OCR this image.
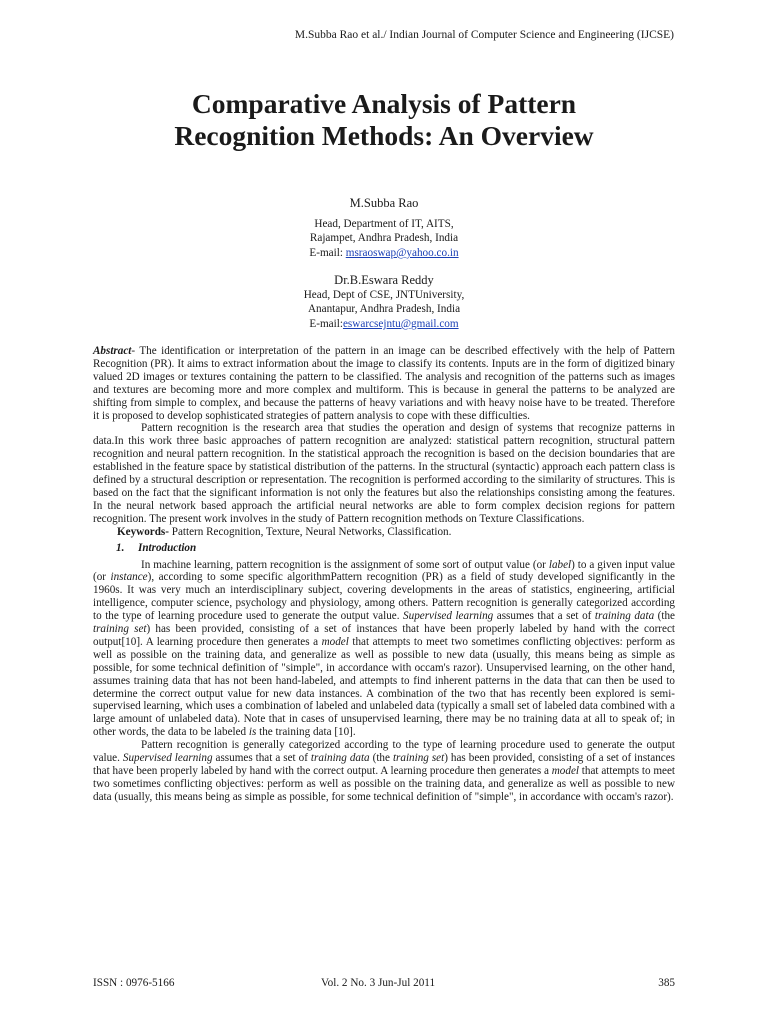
M.Subba Rao et al./ Indian Journal of Computer Science and Engineering (IJCSE)
Comparative Analysis of Pattern
Recognition Methods: An Overview
M.Subba Rao
Head, Department of IT, AITS,
Rajampet, Andhra Pradesh, India
E-mail: msraoswap@yahoo.co.in
Dr.B.Eswara Reddy
Head, Dept of CSE, JNTUniversity,
Anantapur, Andhra Pradesh, India
E-mail:eswarcsejntu@gmail.com

Abstract- The identification or interpretation of the pattern in an image can be described effectively with the help of Pattern Recognition (PR). It aims to extract information about the image to classify its contents. Inputs are in the form of digitized binary valued 2D images or textures containing the pattern to be classified. The analysis and recognition of the patterns such as images and textures are becoming more and more complex and multiform. This is because in general the patterns to be analyzed are shifting from simple to complex, and because the patterns of heavy variations and with heavy noise have to be treated. Therefore it is proposed to develop sophisticated strategies of pattern analysis to cope with these difficulties.

Pattern recognition is the research area that studies the operation and design of systems that recognize patterns in data.In this work three basic approaches of pattern recognition are analyzed: statistical pattern recognition, structural pattern recognition and neural pattern recognition. In the statistical approach the recognition is based on the decision boundaries that are established in the feature space by statistical distribution of the patterns. In the structural (syntactic) approach each pattern class is defined by a structural description or representation. The recognition is performed according to the similarity of structures. This is based on the fact that the significant information is not only the features but also the relationships consisting among the features. In the neural network based approach the artificial neural networks are able to form complex decision regions for pattern recognition. The present work involves in the study of Pattern recognition methods on Texture Classifications.

Keywords- Pattern Recognition, Texture, Neural Networks, Classification.

1. Introduction

In machine learning, pattern recognition is the assignment of some sort of output value (or label) to a given input value (or instance), according to some specific algorithmPattern recognition (PR) as a field of study developed significantly in the 1960s. It was very much an interdisciplinary subject, covering developments in the areas of statistics, engineering, artificial intelligence, computer science, psychology and physiology, among others. Pattern recognition is generally categorized according to the type of learning procedure used to generate the output value. Supervised learning assumes that a set of training data (the training set) has been provided, consisting of a set of instances that have been properly labeled by hand with the correct output[10]. A learning procedure then generates a model that attempts to meet two sometimes conflicting objectives: perform as well as possible on the training data, and generalize as well as possible to new data (usually, this means being as simple as possible, for some technical definition of "simple", in accordance with occam's razor). Unsupervised learning, on the other hand, assumes training data that has not been hand-labeled, and attempts to find inherent patterns in the data that can then be used to determine the correct output value for new data instances. A combination of the two that has recently been explored is semi-supervised learning, which uses a combination of labeled and unlabeled data (typically a small set of labeled data combined with a large amount of unlabeled data). Note that in cases of unsupervised learning, there may be no training data at all to speak of; in other words, the data to be labeled is the training data [10].

Pattern recognition is generally categorized according to the type of learning procedure used to generate the output value. Supervised learning assumes that a set of training data (the training set) has been provided, consisting of a set of instances that have been properly labeled by hand with the correct output. A learning procedure then generates a model that attempts to meet two sometimes conflicting objectives: perform as well as possible on the training data, and generalize as well as possible to new data (usually, this means being as simple as possible, for some technical definition of "simple", in accordance with occam's razor).

ISSN : 0976-5166	Vol. 2 No. 3 Jun-Jul 2011	385
